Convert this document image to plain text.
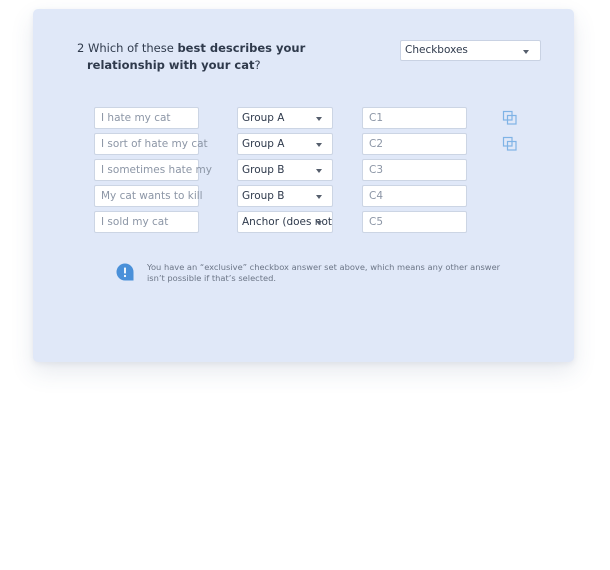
2 Which of these best describes your
relationship with your cat?
Checkboxes
I hate my cat	Group A	C1
I sort of hate my cat	Group A	C2
I sometimes hate my	Group B	C3
My cat wants to kill	Group B	C4
I sold my cat	Anchor (does not	C5
You have an “exclusive” checkbox answer set above, which means any other answer isn’t possible if that’s selected.
